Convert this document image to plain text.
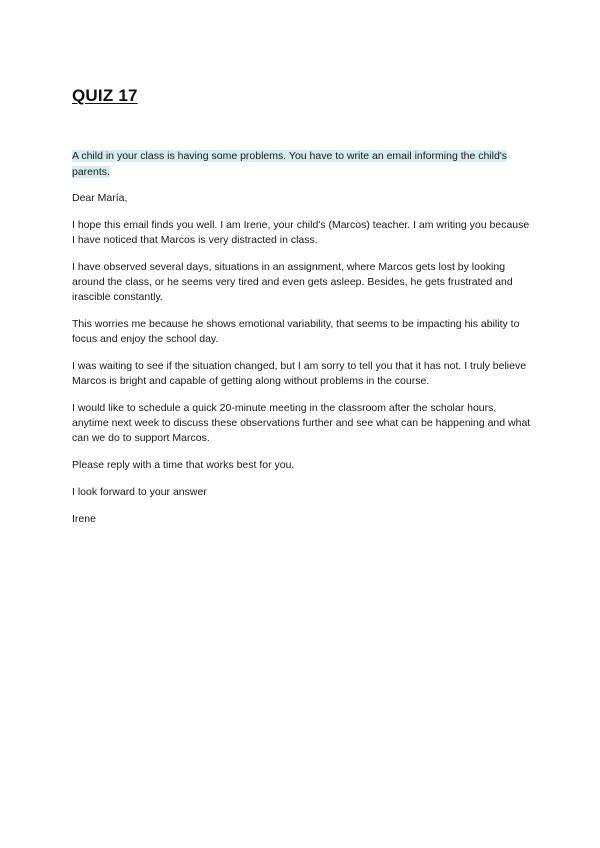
QUIZ 17

A child in your class is having some problems. You have to write an email informing the child's parents.

Dear María,

I hope this email finds you well. I am Irene, your child's (Marcos) teacher. I am writing you because I have noticed that Marcos is very distracted in class.

I have observed several days, situations in an assignment, where Marcos gets lost by looking around the class, or he seems very tired and even gets asleep. Besides, he gets frustrated and irascible constantly.

This worries me because he shows emotional variability, that seems to be impacting his ability to focus and enjoy the school day.

I was waiting to see if the situation changed, but I am sorry to tell you that it has not. I truly believe Marcos is bright and capable of getting along without problems in the course.

I would like to schedule a quick 20-minute meeting in the classroom after the scholar hours, anytime next week to discuss these observations further and see what can be happening and what can we do to support Marcos.

Please reply with a time that works best for you.

I look forward to your answer

Irene
